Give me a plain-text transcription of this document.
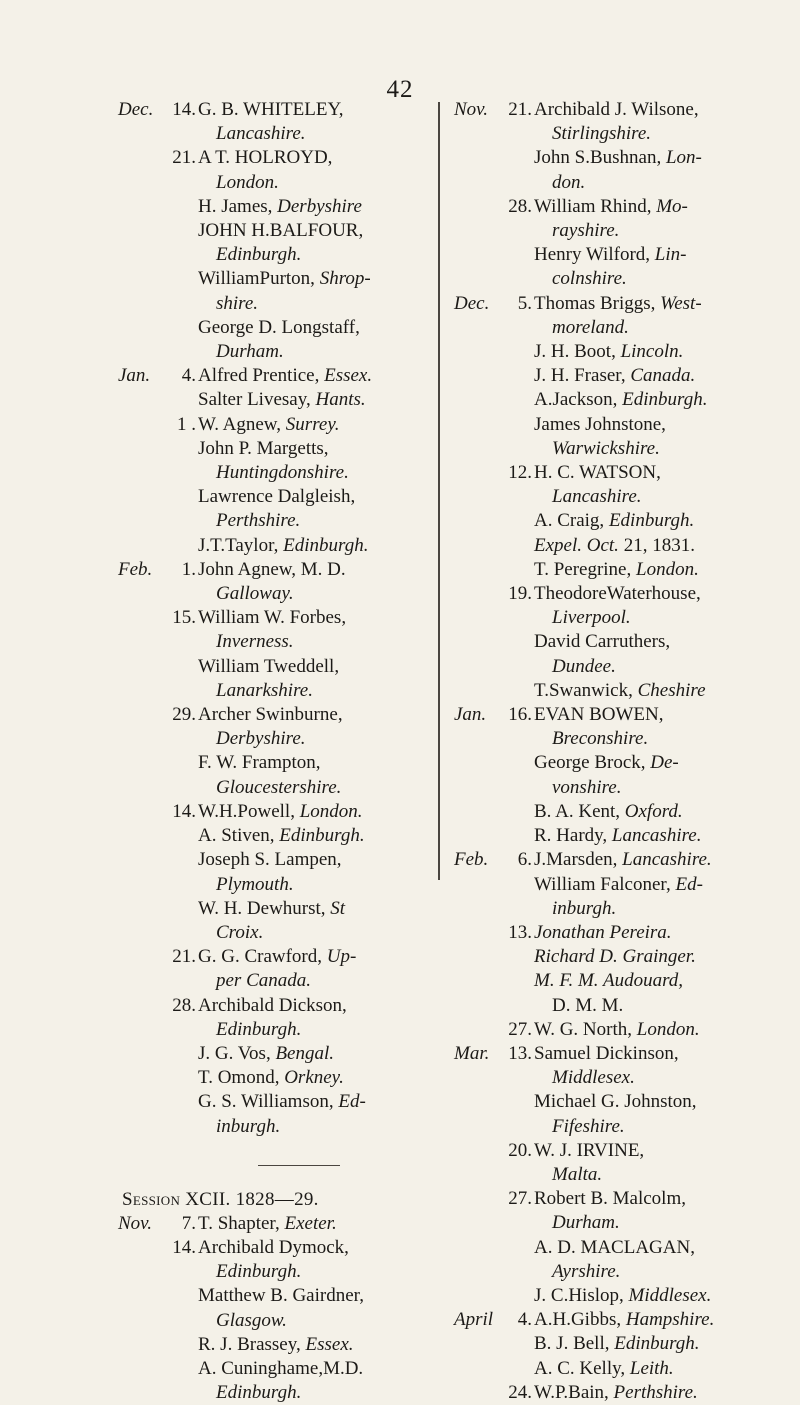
42
Dec. 14. G. B. WHITELEY,
Lancashire.
21. A T. HOLROYD,
London.
H. James, Derbyshire
JOHN H.BALFOUR,
Edinburgh.
WilliamPurton, Shrop-
shire.
George D. Longstaff,
Durham.
Jan.	4. Alfred Prentice, Essex.
Salter Livesay, Hants.
1 . W. Agnew, Surrey.
John P. Margetts,
Huntingdonshire.
Lawrence Dalgleish,
Perthshire.
J.T.Taylor, Edinburgh.
Feb.	1. John Agnew, M. D.
Galloway.
15. William W. Forbes,
Inverness.
William Tweddell,
Lanarkshire.
29. Archer Swinburne,
Derbyshire.
F. W. Frampton,
Gloucestershire.
14. W.H.Powell, London.
A. Stiven, Edinburgh.
Joseph S. Lampen,
Plymouth.
W. H. Dewhurst, St
Croix.
21. G. G. Crawford, Up-
per Canada.
28. Archibald Dickson,
Edinburgh.
J. G. Vos, Bengal.
T. Omond, Orkney.
G. S. Williamson, Ed-
inburgh.
Session XCII. 1828—29.
Nov.	7. T. Shapter, Exeter.
14. Archibald Dymock,
Edinburgh.
Matthew B. Gairdner,
Glasgow.
R. J. Brassey, Essex.
A. Cuninghame,M.D.
Edinburgh.
Nov.	21. Archibald J. Wilsone,
Stirlingshire.
John S.Bushnan, Lon-
don.
28. William Rhind, Mo-
rayshire.
Henry Wilford, Lin-
colnshire.
Dec.	5. Thomas Briggs, West-
moreland.
J. H. Boot, Lincoln.
J. H. Fraser, Canada.
A.Jackson, Edinburgh.
James Johnstone,
Warwickshire.
12. H. C. WATSON,
Lancashire.
A. Craig, Edinburgh.
Expel. Oct. 21, 1831.
T. Peregrine, London.
19. TheodoreWaterhouse,
Liverpool.
David Carruthers,
Dundee.
T.Swanwick, Cheshire
Jan.	16. EVAN BOWEN,
Breconshire.
George Brock, De-
vonshire.
B. A. Kent, Oxford.
R. Hardy, Lancashire.
Feb.	6. J.Marsden, Lancashire.
William Falconer, Ed-
inburgh.
13. Jonathan Pereira.
Richard D. Grainger.
M. F. M. Audouard,
D. M. M.
27. W. G. North, London.
Mar. 13. Samuel Dickinson,
Middlesex.
Michael G. Johnston,
Fifeshire.
20. W. J. IRVINE,
Malta.
27. Robert B. Malcolm,
Durham.
A. D. MACLAGAN,
Ayrshire.
J. C.Hislop, Middlesex.
April	4. A.H.Gibbs, Hampshire.
B. J. Bell, Edinburgh.
A. C. Kelly, Leith.
24. W.P.Bain, Perthshire.
